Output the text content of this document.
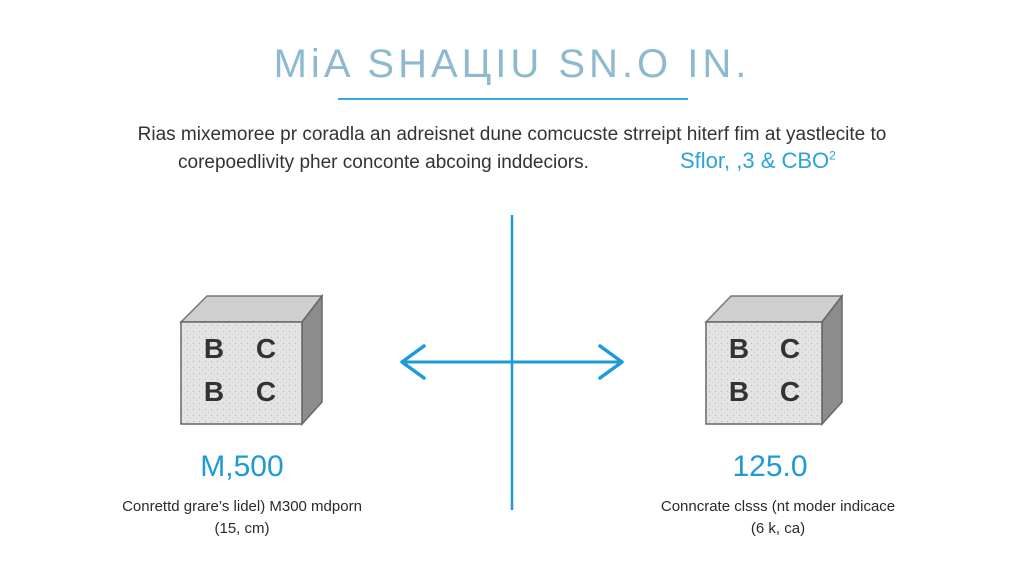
MiA SHAЦIU SN.O IN.
Rias mixemoree pr coradla an adreisnet dune comcucste strreipt hiterf fim at yastlecite to
corepoedlivity pher conconte abcoing inddeciors.	Sflor, ,3 & CBO$^2$
B C
B C
B C
B C
M,500
Conrettd grare’s lidel) M300 mdporn
(15, cm)
125.0
Conncrate clsss (nt moder indicace
(6 k, ca)
